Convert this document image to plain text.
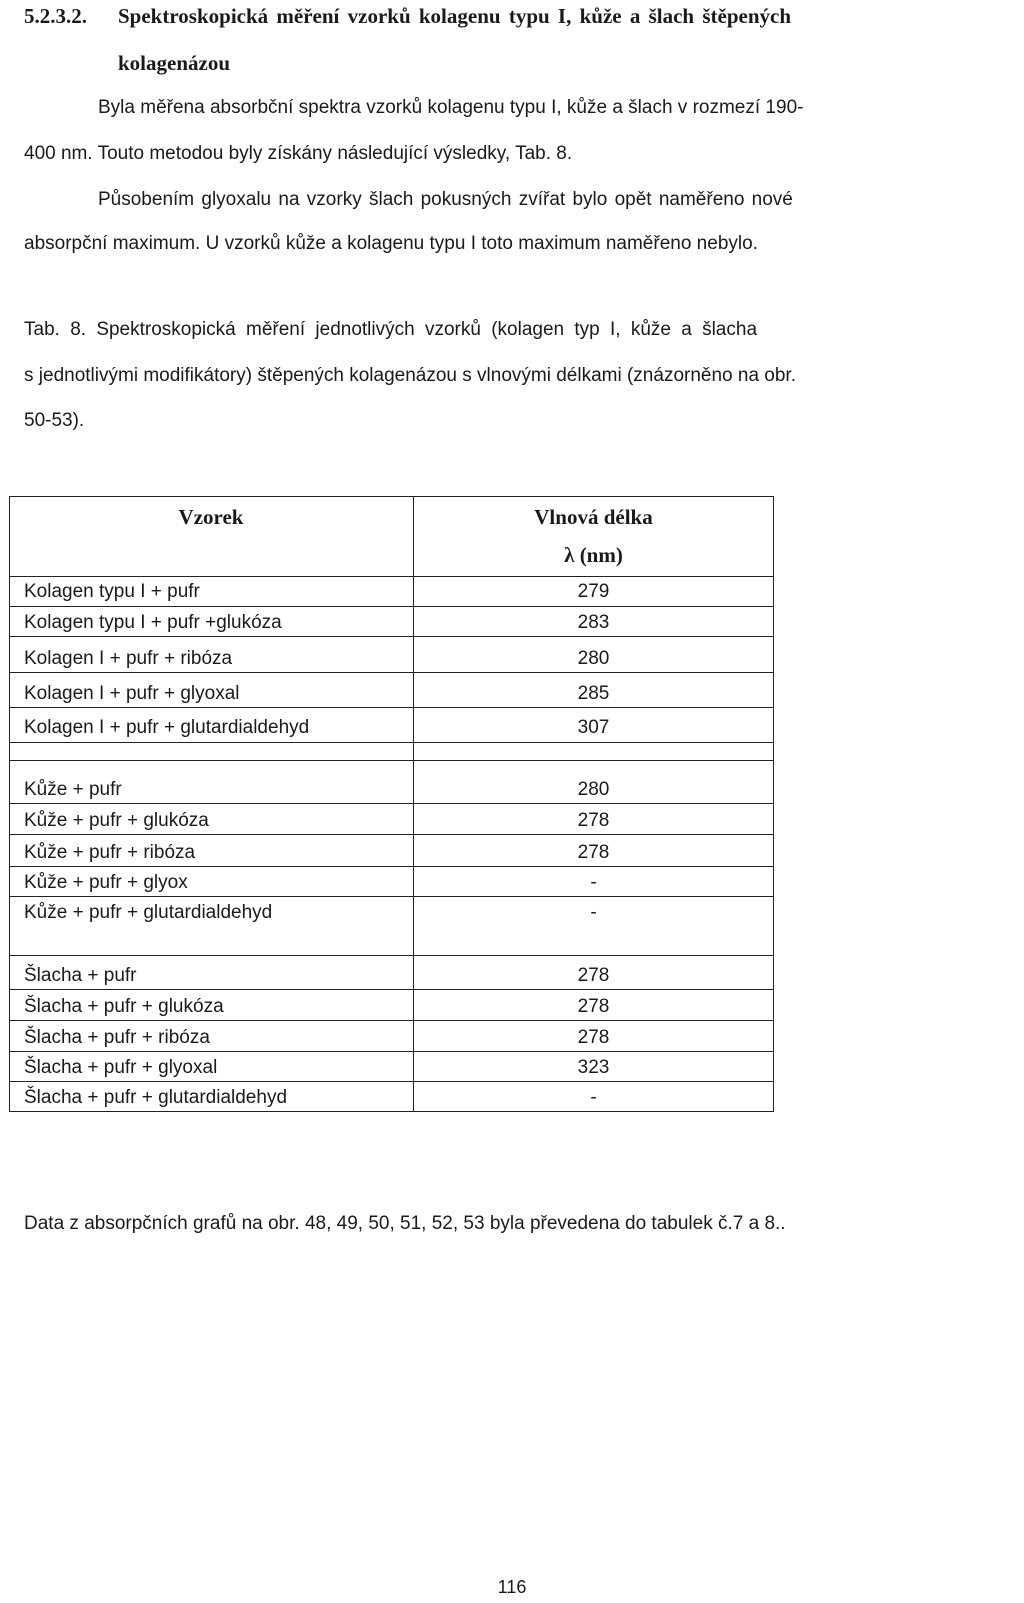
5.2.3.2. Spektroskopická měření vzorků kolagenu typu I, kůže a šlach štěpených
kolagenázou
Byla měřena absorbční spektra vzorků kolagenu typu I, kůže a šlach v rozmezí 190-
400 nm. Touto metodou byly získány následující výsledky, Tab. 8.
Působením glyoxalu na vzorky šlach pokusných zvířat bylo opět naměřeno nové
absorpční maximum. U vzorků kůže a kolagenu typu I toto maximum naměřeno nebylo.
Tab. 8. Spektroskopická měření jednotlivých vzorků (kolagen typ I, kůže a šlacha
s jednotlivými modifikátory) štěpených kolagenázou s vlnovými délkami (znázorněno na obr.
50-53).
Vzorek	Vlnová délka
λ (nm)
Kolagen typu I + pufr	279
Kolagen typu I + pufr +glukóza	283
Kolagen I + pufr + ribóza	280
Kolagen I + pufr + glyoxal	285
Kolagen I + pufr + glutardialdehyd	307
Kůže + pufr	280
Kůže + pufr + glukóza	278
Kůže + pufr + ribóza	278
Kůže + pufr + glyox	-
Kůže + pufr + glutardialdehyd	-
Šlacha + pufr	278
Šlacha + pufr + glukóza	278
Šlacha + pufr + ribóza	278
Šlacha + pufr + glyoxal	323
Šlacha + pufr + glutardialdehyd	-
Data z absorpčních grafů na obr. 48, 49, 50, 51, 52, 53 byla převedena do tabulek č.7 a 8..
116
